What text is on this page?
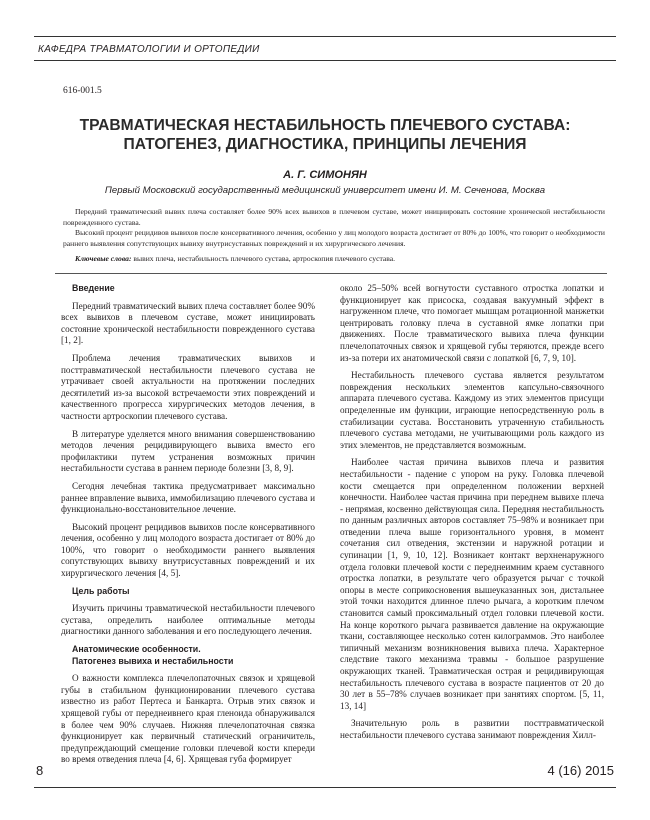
КАФЕДРА ТРАВМАТОЛОГИИ И ОРТОПЕДИИ
616-001.5
ТРАВМАТИЧЕСКАЯ НЕСТАБИЛЬНОСТЬ ПЛЕЧЕВОГО СУСТАВА:
ПАТОГЕНЕЗ, ДИАГНОСТИКА, ПРИНЦИПЫ ЛЕЧЕНИЯ
А. Г. СИМОНЯН
Первый Московский государственный медицинский университет имени И. М. Сеченова, Москва

Передний травматический вывих плеча составляет более 90% всех вывихов в плечевом суставе, может инициировать состояние хронической нестабильности поврежденного сустава.

Высокий процент рецидивов вывихов после консервативного лечения, особенно у лиц молодого возраста достигает от 80% до 100%, что говорит о необходимости раннего выявления сопутствующих вывиху внутрисуставных повреждений и их хирургического лечения.

Ключевые слова: вывих плеча, нестабильность плечевого сустава, артроскопия плечевого сустава.
Введение

Передний травматический вывих плеча составляет более 90% всех вывихов в плечевом суставе, может инициировать состояние хронической нестабильности поврежденного сустава [1, 2].

Проблема лечения травматических вывихов и посттравматической нестабильности плечевого сустава не утрачивает своей актуальности на протяжении последних десятилетий из-за высокой встречаемости этих повреждений и качественного прогресса хирургических методов лечения, в частности артроскопии плечевого сустава.

В литературе уделяется много внимания совершенствованию методов лечения рецидивирующего вывиха вместо его профилактики путем устранения возможных причин нестабильности сустава в раннем периоде болезни [3, 8, 9].

Сегодня лечебная тактика предусматривает максимально раннее вправление вывиха, иммобилизацию плечевого сустава и функционально-восстановительное лечение.

Высокий процент рецидивов вывихов после консервативного лечения, особенно у лиц молодого возраста достигает от 80% до 100%, что говорит о необходимости раннего выявления сопутствующих вывиху внутрисуставных повреждений и их хирургического лечения [4, 5].

Цель работы

Изучить причины травматической нестабильности плечевого сустава, определить наиболее оптимальные методы диагностики данного заболевания и его последующего лечения.

Анатомические особенности.
Патогенез вывиха и нестабильности

О важности комплекса плечелопаточных связок и хрящевой губы в стабильном функционировании плечевого сустава известно из работ Пертеса и Банкарта. Отрыв этих связок и хрящевой губы от переднеивнего края гленоида обнаруживался в более чем 90% случаев. Нижняя плечелопаточная связка функционирует как первичный статический ограничитель, предупреждающий смещение головки плечевой кости кпереди во время отведения плеча [4, 6]. Хрящевая губа формирует

около 25–50% всей вогнутости суставного отростка лопатки и функционирует как присоска, создавая вакуумный эффект в нагруженном плече, что помогает мышцам ротационной манжетки центрировать головку плеча в суставной ямке лопатки при движениях. После травматического вывиха плеча функции плечелопаточных связок и хрящевой губы теряются, прежде всего из-за потери их анатомической связи с лопаткой [6, 7, 9, 10].

Нестабильность плечевого сустава является результатом повреждения нескольких элементов капсульно-связочного аппарата плечевого сустава. Каждому из этих элементов присущи определенные им функции, играющие непосредственную роль в стабилизации сустава. Восстановить утраченную стабильность плечевого сустава методами, не учитывающими роль каждого из этих элементов, не представляется возможным.

Наиболее частая причина вывихов плеча и развития нестабильности - падение с упором на руку. Головка плечевой кости смещается при определенном положении верхней конечности. Наиболее частая причина при переднем вывихе плеча - непрямая, косвенно действующая сила. Передняя нестабильность по данным различных авторов составляет 75–98% и возникает при отведении плеча выше горизонтального уровня, в момент сочетания сил отведения, экстензии и наружной ротации и супинации [1, 9, 10, 12]. Возникает контакт верхненаружного отдела головки плечевой кости с переднеимним краем суставного отростка лопатки, в результате чего образуется рычаг с точкой опоры в месте соприкосновения вышеуказанных зон, дистальнее этой точки находится длинное плечо рычага, а коротким плечом становится самый проксимальный отдел головки плечевой кости. На конце короткого рычага развивается давление на окружающие ткани, составляющее несколько сотен килограммов. Это наиболее типичный механизм возникновения вывиха плеча. Характерное следствие такого механизма травмы - большое разрушение окружающих тканей. Травматическая острая и рецидивирующая нестабильность плечевого сустава в возрасте пациентов от 20 до 30 лет в 55–78% случаев возникает при занятиях спортом. [5, 11, 13, 14]

Значительную роль в развитии посттравматической нестабильности плечевого сустава занимают повреждения Хилл-

8	4 (16) 2015
